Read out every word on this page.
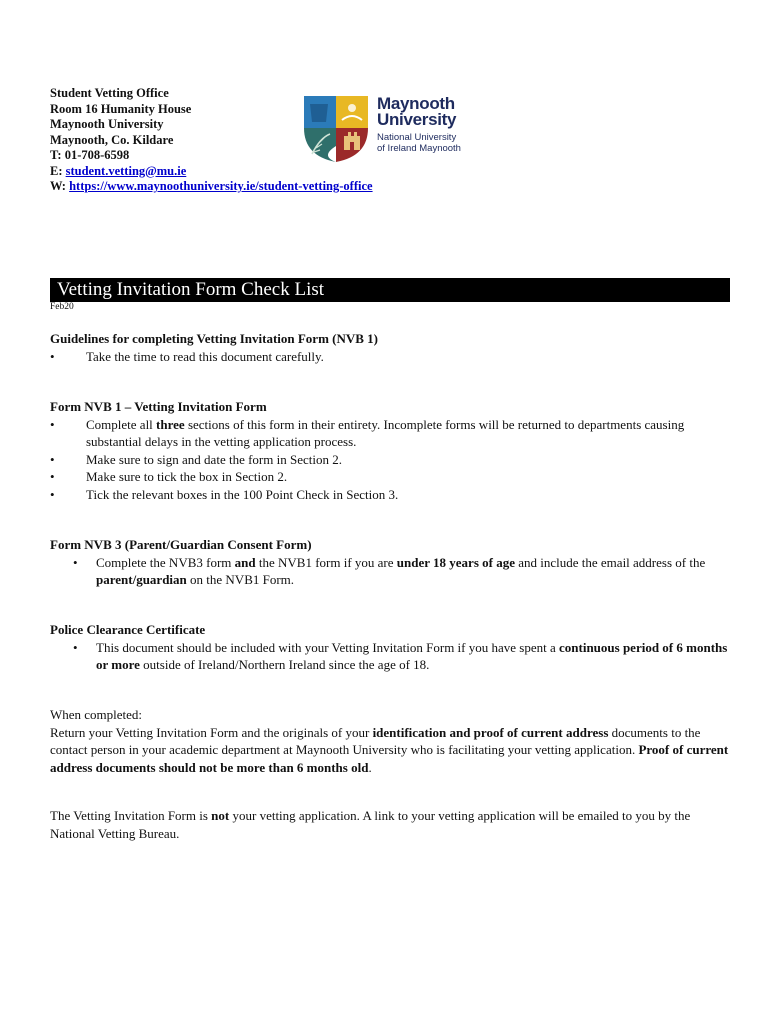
Student Vetting Office
Room 16 Humanity House
Maynooth University
Maynooth, Co. Kildare
T: 01-708-6598
E: student.vetting@mu.ie
W: https://www.maynoothuniversity.ie/student-vetting-office
Maynooth
University
National University
of Ireland Maynooth
Vetting Invitation Form Check List
Feb20
Guidelines for completing Vetting Invitation Form (NVB 1)
• Take the time to read this document carefully.
Form NVB 1 – Vetting Invitation Form
• Complete all three sections of this form in their entirety. Incomplete forms will be returned to departments causing substantial delays in the vetting application process.
• Make sure to sign and date the form in Section 2.
• Make sure to tick the box in Section 2.
• Tick the relevant boxes in the 100 Point Check in Section 3.
Form NVB 3 (Parent/Guardian Consent Form)
• Complete the NVB3 form and the NVB1 form if you are under 18 years of age and include the email address of the parent/guardian on the NVB1 Form.
Police Clearance Certificate
• This document should be included with your Vetting Invitation Form if you have spent a continuous period of 6 months or more outside of Ireland/Northern Ireland since the age of 18.

When completed:

Return your Vetting Invitation Form and the originals of your identification and proof of current address documents to the contact person in your academic department at Maynooth University who is facilitating your vetting application. Proof of current address documents should not be more than 6 months old.

The Vetting Invitation Form is not your vetting application. A link to your vetting application will be emailed to you by the National Vetting Bureau.
